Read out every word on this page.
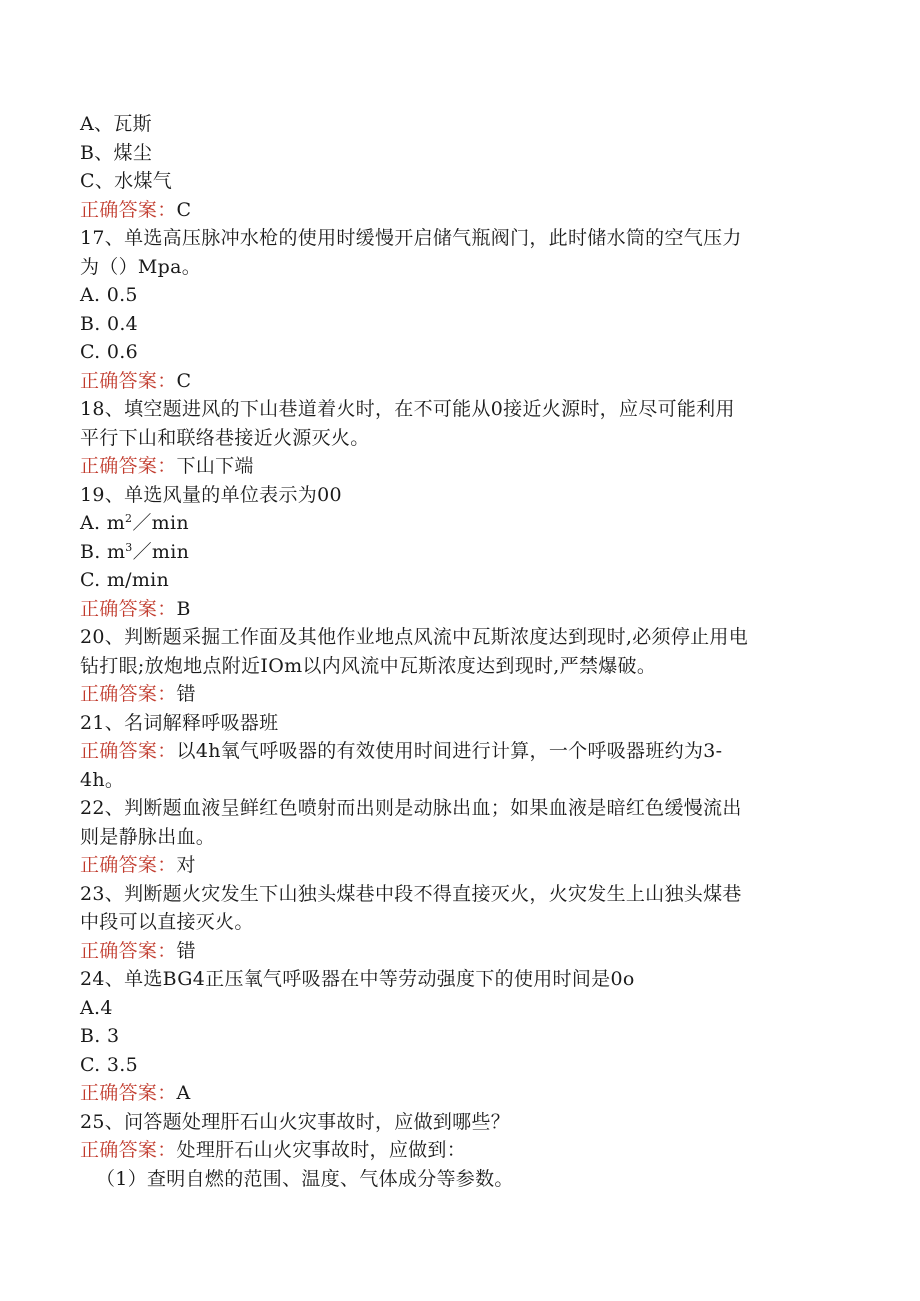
A、瓦斯
B、煤尘
C、水煤气
正确答案：C
17、单选高压脉冲水枪的使用时缓慢开启储气瓶阀门，此时储水筒的空气压力
为（）Mpa。
A. 0.5
B. 0.4
C. 0.6
正确答案：C
18、填空题进风的下山巷道着火时，在不可能从0接近火源时，应尽可能利用
平行下山和联络巷接近火源灭火。
正确答案：下山下端
19、单选风量的单位表示为00
A. $m^2/\min$
B. $m^3/\min$
C. m/min
正确答案：B
20、判断题采掘工作面及其他作业地点风流中瓦斯浓度达到现时,必须停止用电
钻打眼;放炮地点附近IOm以内风流中瓦斯浓度达到现时,严禁爆破。
正确答案：错
21、名词解释呼吸器班
正确答案：以4h氧气呼吸器的有效使用时间进行计算，一个呼吸器班约为3-
4h。
22、判断题血液呈鲜红色喷射而出则是动脉出血；如果血液是暗红色缓慢流出
则是静脉出血。
正确答案：对
23、判断题火灾发生下山独头煤巷中段不得直接灭火，火灾发生上山独头煤巷
中段可以直接灭火。
正确答案：错
24、单选BG4正压氧气呼吸器在中等劳动强度下的使用时间是0o
A.4
B. 3
C. 3.5
正确答案：A
25、问答题处理肝石山火灾事故时，应做到哪些？
正确答案：处理肝石山火灾事故时，应做到：
（1）查明自燃的范围、温度、气体成分等参数。
